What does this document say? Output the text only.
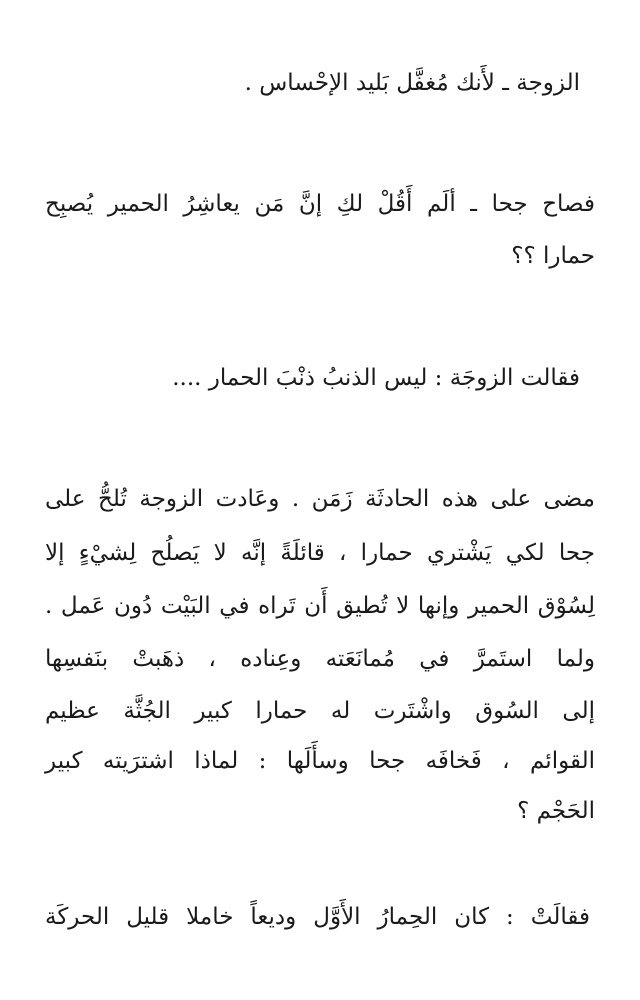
الزوجة ـ لأَنك مُغفَّل بَليد الإحْساس .
فصاح جحا ـ ألَم أَقُلْ لكِ إنَّ مَن يعاشِرُ الحمير يُصبِح
حمارا ؟؟
فقالت الزوجَة : ليس الذنبُ ذنْبَ الحمار ....
مضى على هذه الحادثَة زَمَن . وعَادت الزوجة تُلحُّ على
جحا لكي يَشْتري حمارا ، قائلَةً إنَّه لا يَصلُح لِشيْءٍ إلا
لِسُوْق الحمير وإنها لا تُطيق أَن تَراه في البَيْت دُون عَمل .
ولما استَمرَّ في مُمانَعَته وعِناده ، ذهَبتْ بنَفسِها
إلى السُوق واشْتَرت له حمارا كبير الجُثَّة عظيم
القوائم ، فَخافَه جحا وسأَلَها : لماذا اشترَيته كبير
الحَجْم ؟
فقالَتْ : كان الحِمارُ الأَوَّل وديعاً خاملا قليل الحركَة
